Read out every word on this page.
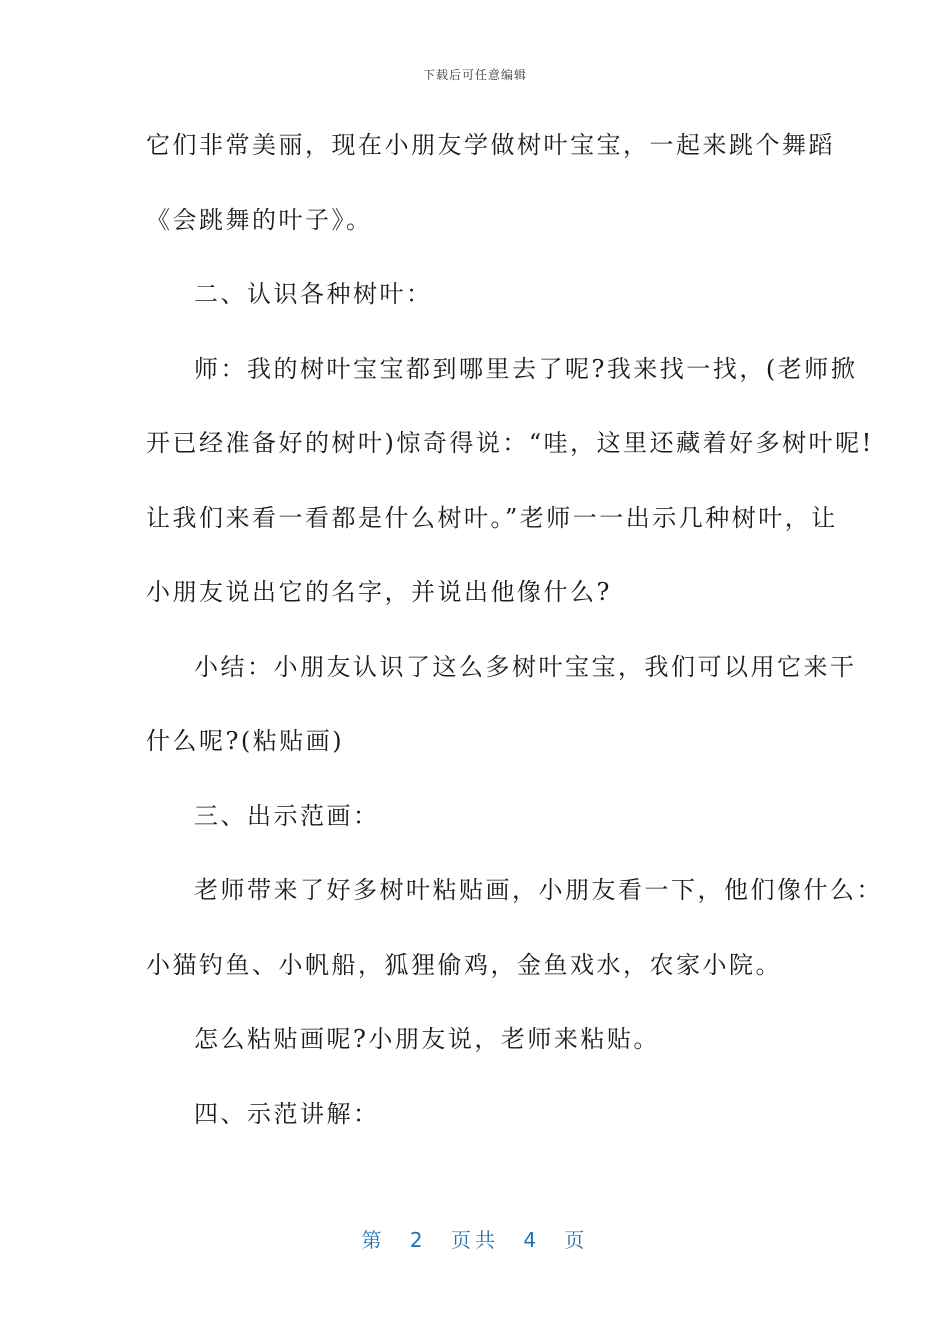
下载后可任意编辑
它们非常美丽，现在小朋友学做树叶宝宝，一起来跳个舞蹈
《会跳舞的叶子》。
二、认识各种树叶：
师：我的树叶宝宝都到哪里去了呢?我来找一找，(老师掀
开已经准备好的树叶)惊奇得说：“哇，这里还藏着好多树叶呢!
让我们来看一看都是什么树叶。”老师一一出示几种树叶，让
小朋友说出它的名字，并说出他像什么?
小结：小朋友认识了这么多树叶宝宝，我们可以用它来干
什么呢?(粘贴画)
三、出示范画：
老师带来了好多树叶粘贴画，小朋友看一下，他们像什么：
小猫钓鱼、小帆船，狐狸偷鸡，金鱼戏水，农家小院。
怎么粘贴画呢?小朋友说，老师来粘贴。
四、示范讲解：
第 2 页共 4 页
